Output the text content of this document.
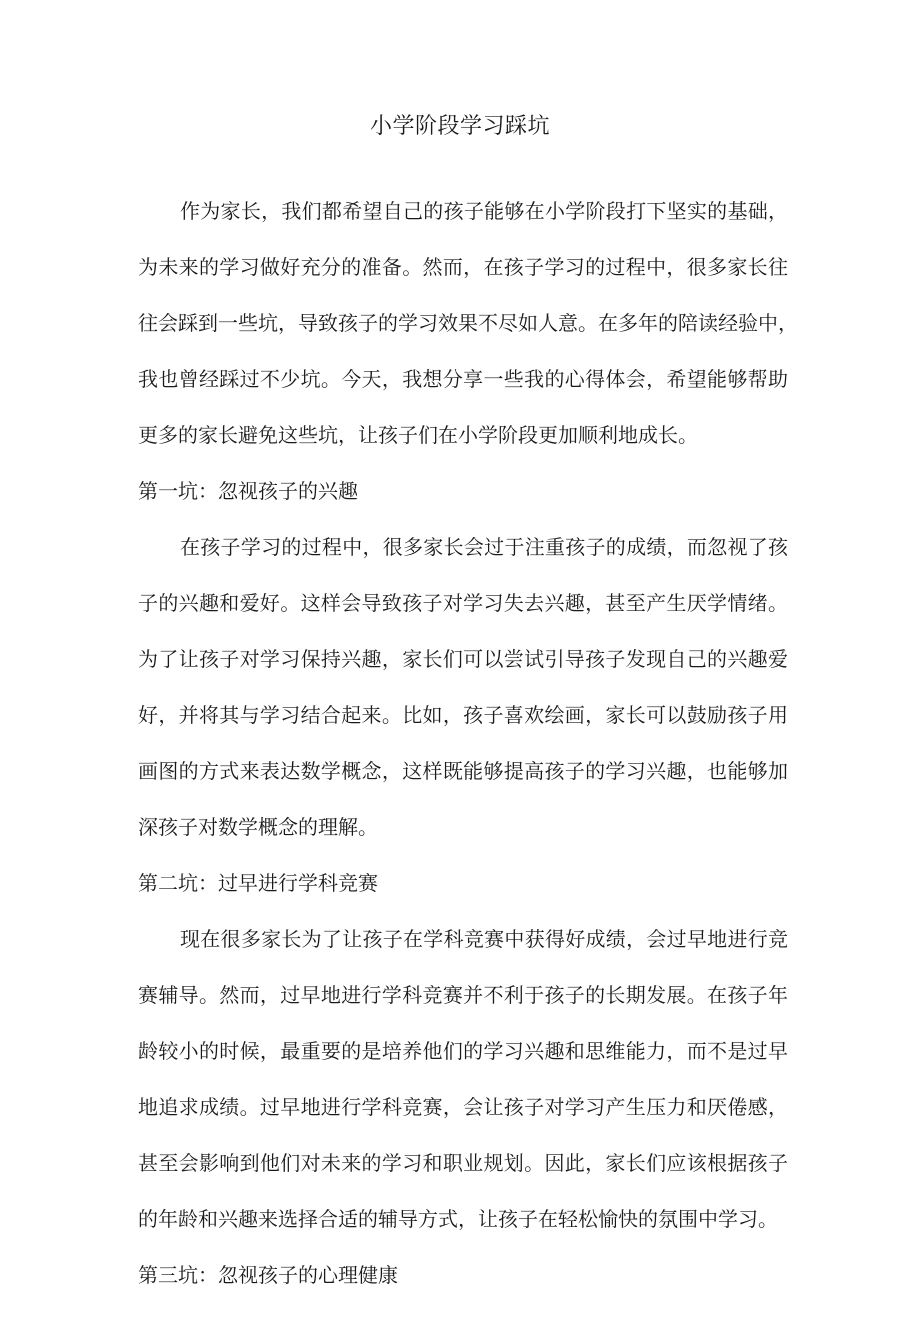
小学阶段学习踩坑
作为家长，我们都希望自己的孩子能够在小学阶段打下坚实的基础，
为未来的学习做好充分的准备。然而，在孩子学习的过程中，很多家长往
往会踩到一些坑，导致孩子的学习效果不尽如人意。在多年的陪读经验中，
我也曾经踩过不少坑。今天，我想分享一些我的心得体会，希望能够帮助
更多的家长避免这些坑，让孩子们在小学阶段更加顺利地成长。
第一坑：忽视孩子的兴趣
在孩子学习的过程中，很多家长会过于注重孩子的成绩，而忽视了孩
子的兴趣和爱好。这样会导致孩子对学习失去兴趣，甚至产生厌学情绪。
为了让孩子对学习保持兴趣，家长们可以尝试引导孩子发现自己的兴趣爱
好，并将其与学习结合起来。比如，孩子喜欢绘画，家长可以鼓励孩子用
画图的方式来表达数学概念，这样既能够提高孩子的学习兴趣，也能够加
深孩子对数学概念的理解。
第二坑：过早进行学科竞赛
现在很多家长为了让孩子在学科竞赛中获得好成绩，会过早地进行竞
赛辅导。然而，过早地进行学科竞赛并不利于孩子的长期发展。在孩子年
龄较小的时候，最重要的是培养他们的学习兴趣和思维能力，而不是过早
地追求成绩。过早地进行学科竞赛，会让孩子对学习产生压力和厌倦感，
甚至会影响到他们对未来的学习和职业规划。因此，家长们应该根据孩子
的年龄和兴趣来选择合适的辅导方式，让孩子在轻松愉快的氛围中学习。
第三坑：忽视孩子的心理健康
